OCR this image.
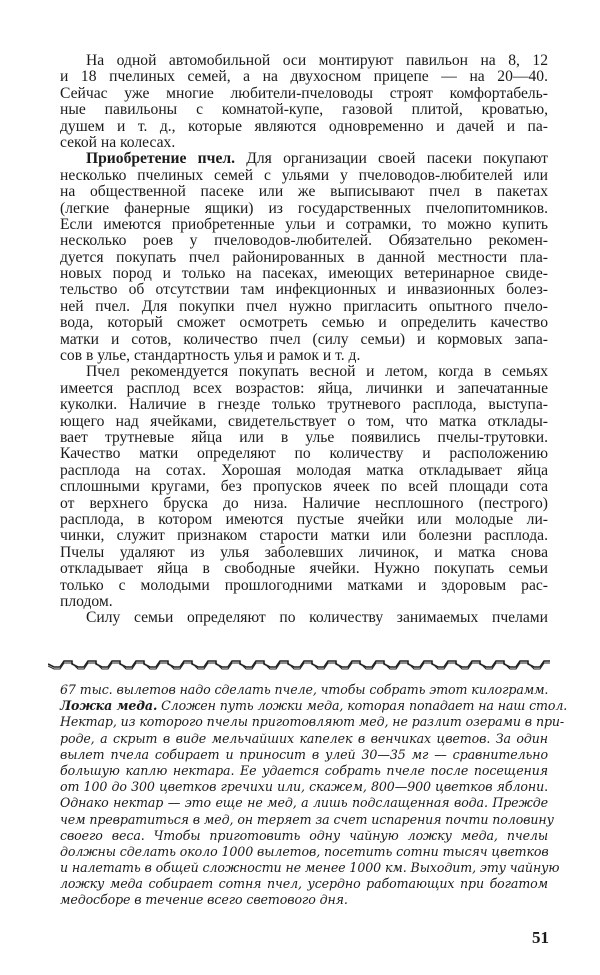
На одной автомобильной оси монтируют павильон на 8, 12
и 18 пчелиных семей, а на двухосном прицепе — на 20—40.
Сейчас уже многие любители-пчеловоды строят комфортабель-
ные павильоны с комнатой-купе, газовой плитой, кроватью,
душем и т. д., которые являются одновременно и дачей и па-
секой на колесах.
Приобретение пчел. Для организации своей пасеки покупают
несколько пчелиных семей с ульями у пчеловодов-любителей или
на общественной пасеке или же выписывают пчел в пакетах
(легкие фанерные ящики) из государственных пчелопитомников.
Если имеются приобретенные ульи и сотрамки, то можно купить
несколько роев у пчеловодов-любителей. Обязательно рекомен-
дуется покупать пчел районированных в данной местности пла-
новых пород и только на пасеках, имеющих ветеринарное свиде-
тельство об отсутствии там инфекционных и инвазионных болез-
ней пчел. Для покупки пчел нужно пригласить опытного пчело-
вода, который сможет осмотреть семью и определить качество
матки и сотов, количество пчел (силу семьи) и кормовых запа-
сов в улье, стандартность улья и рамок и т. д.
Пчел рекомендуется покупать весной и летом, когда в семьях
имеется расплод всех возрастов: яйца, личинки и запечатанные
куколки. Наличие в гнезде только трутневого расплода, выступа-
ющего над ячейками, свидетельствует о том, что матка отклады-
вает трутневые яйца или в улье появились пчелы-трутовки.
Качество матки определяют по количеству и расположению
расплода на сотах. Хорошая молодая матка откладывает яйца
сплошными кругами, без пропусков ячеек по всей площади сота
от верхнего бруска до низа. Наличие несплошного (пестрого)
расплода, в котором имеются пустые ячейки или молодые ли-
чинки, служит признаком старости матки или болезни расплода.
Пчелы удаляют из улья заболевших личинок, и матка снова
откладывает яйца в свободные ячейки. Нужно покупать семьи
только с молодыми прошлогодними матками и здоровым рас-
плодом.
Силу семьи определяют по количеству занимаемых пчелами
67 тыс. вылетов надо сделать пчеле, чтобы собрать этот килограмм.
Ложка меда. Сложен путь ложки меда, которая попадает на наш стол.
Нектар, из которого пчелы приготовляют мед, не разлит озерами в при-
роде, а скрыт в виде мельчайших капелек в венчиках цветов. За один
вылет пчела собирает и приносит в улей 30—35 мг — сравнительно
большую каплю нектара. Ее удается собрать пчеле после посещения
от 100 до 300 цветков гречихи или, скажем, 800—900 цветков яблони.
Однако нектар — это еще не мед, а лишь подслащенная вода. Прежде
чем превратиться в мед, он теряет за счет испарения почти половину
своего веса. Чтобы приготовить одну чайную ложку меда, пчелы
должны сделать около 1000 вылетов, посетить сотни тысяч цветков
и налетать в общей сложности не менее 1000 км. Выходит, эту чайную
ложку меда собирает сотня пчел, усердно работающих при богатом
медосборе в течение всего светового дня.
51
